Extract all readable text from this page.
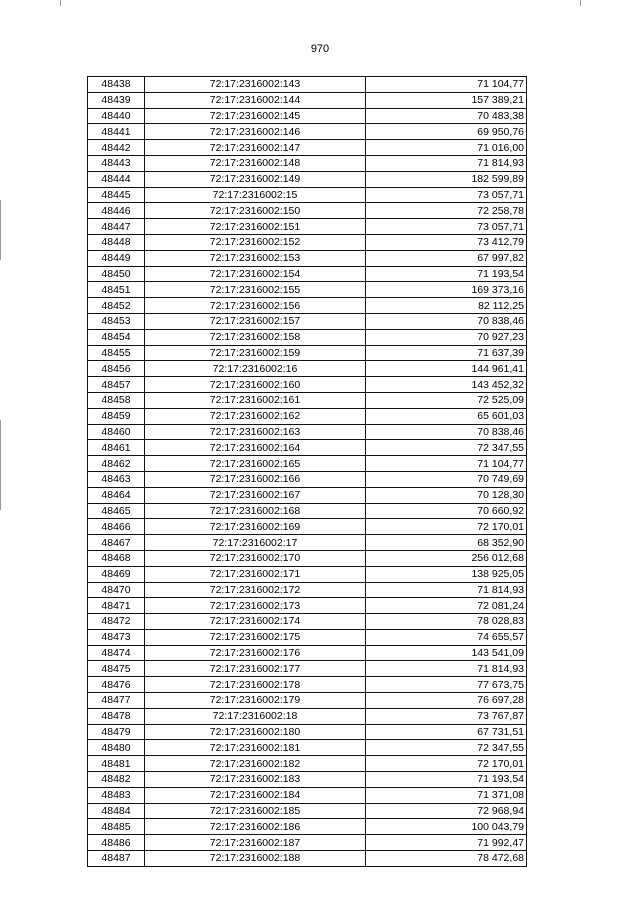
970
48438	72:17:2316002:143	71 104,77
48439	72:17:2316002:144	157 389,21
48440	72:17:2316002:145	70 483,38
48441	72:17:2316002:146	69 950,76
48442	72:17:2316002:147	71 016,00
48443	72:17:2316002:148	71 814,93
48444	72:17:2316002:149	182 599,89
48445	72:17:2316002:15	73 057,71
48446	72:17:2316002:150	72 258,78
48447	72:17:2316002:151	73 057,71
48448	72:17:2316002:152	73 412,79
48449	72:17:2316002:153	67 997,82
48450	72:17:2316002:154	71 193,54
48451	72:17:2316002:155	169 373,16
48452	72:17:2316002:156	82 112,25
48453	72:17:2316002:157	70 838,46
48454	72:17:2316002:158	70 927,23
48455	72:17:2316002:159	71 637,39
48456	72:17:2316002:16	144 961,41
48457	72:17:2316002:160	143 452,32
48458	72:17:2316002:161	72 525,09
48459	72:17:2316002:162	65 601,03
48460	72:17:2316002:163	70 838,46
48461	72:17:2316002:164	72 347,55
48462	72:17:2316002:165	71 104,77
48463	72:17:2316002:166	70 749,69
48464	72:17:2316002:167	70 128,30
48465	72:17:2316002:168	70 660,92
48466	72:17:2316002:169	72 170,01
48467	72:17:2316002:17	68 352,90
48468	72:17:2316002:170	256 012,68
48469	72:17:2316002:171	138 925,05
48470	72:17:2316002:172	71 814,93
48471	72:17:2316002:173	72 081,24
48472	72:17:2316002:174	78 028,83
48473	72:17:2316002:175	74 655,57
48474	72:17:2316002:176	143 541,09
48475	72:17:2316002:177	71 814,93
48476	72:17:2316002:178	77 673,75
48477	72:17:2316002:179	76 697,28
48478	72:17:2316002:18	73 767,87
48479	72:17:2316002:180	67 731,51
48480	72:17:2316002:181	72 347,55
48481	72:17:2316002:182	72 170,01
48482	72:17:2316002:183	71 193,54
48483	72:17:2316002:184	71 371,08
48484	72:17:2316002:185	72 968,94
48485	72:17:2316002:186	100 043,79
48486	72:17:2316002:187	71 992,47
48487	72:17:2316002:188	78 472,68
